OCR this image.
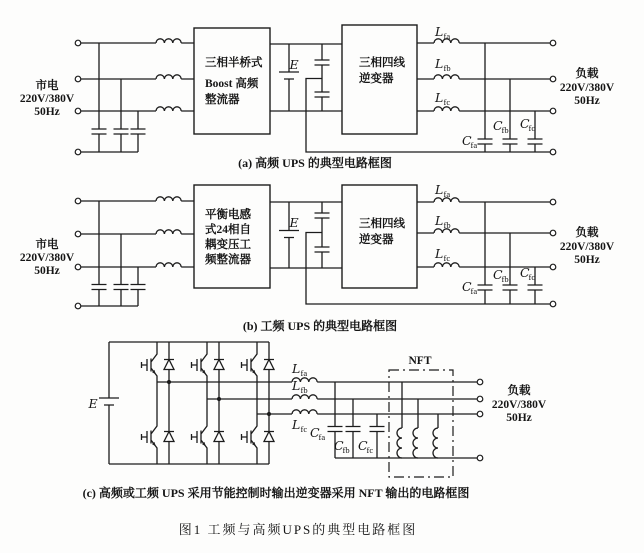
市电
220V/380V
50Hz
三相半桥式
Boost 高频
整流器
E	三相四线
逆变器
L fa
L fb
L fc
C
fa
C
fb C
fc
负载
220V/380V
50Hz
(a) 高频 UPS 的典型电路框图
市电
220V/380V
50Hz
平衡电感
式24相自
耦变压工
频整流器
E	三相四线
逆变器
L fa
L fb
L fc
C
fa
C
fb C
fc
负载
220V/380V
50Hz
(b) 工频 UPS 的典型电路框图
E
NFT
L fa
L fb
L fc C
fa
C
fb C
fc
负载
220V/380V
50Hz
(c) 高频或工频 UPS 采用节能控制时输出逆变器采用 NFT 输出的电路框图
图1 工频与高频UPS的典型电路框图
